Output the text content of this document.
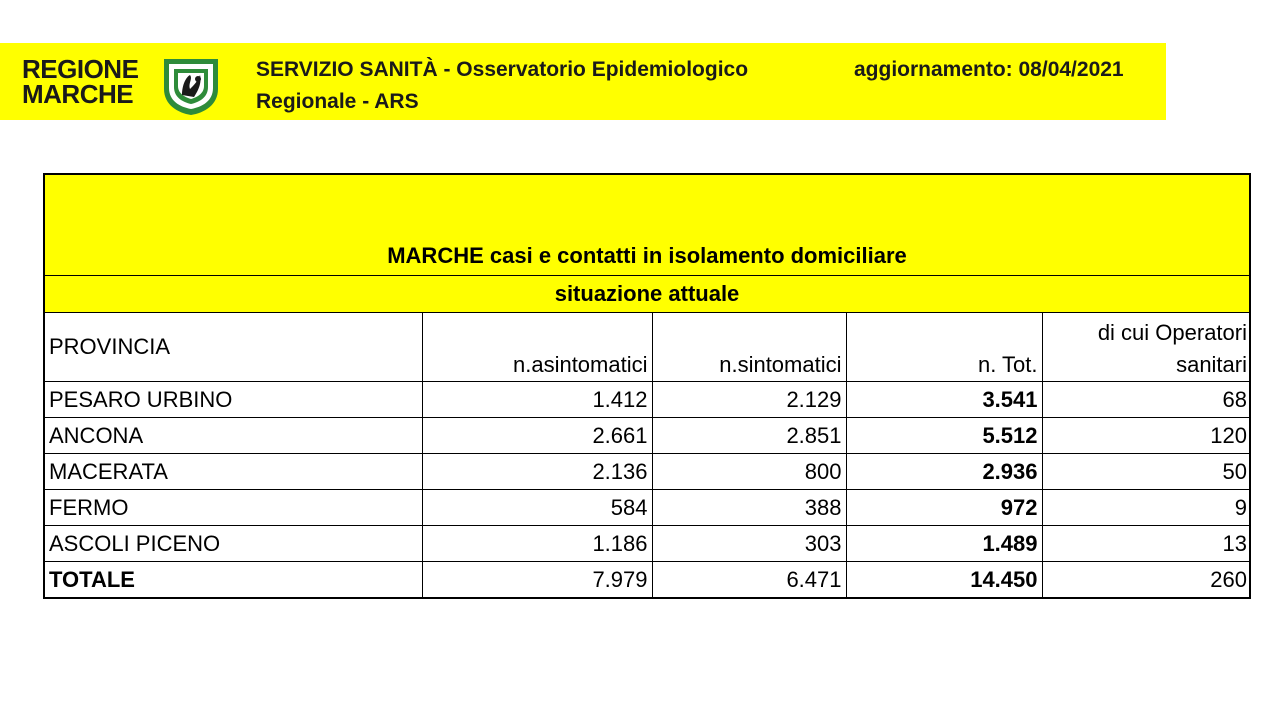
REGIONE
MARCHE
SERVIZIO SANITÀ - Osservatorio Epidemiologico
Regionale - ARS
aggiornamento: 08/04/2021
MARCHE casi e contatti in isolamento domiciliare
situazione attuale
PROVINCIA	n.asintomatici	n.sintomatici	n. Tot.	di cui Operatori
sanitari

PESARO URBINO	1.412	2.129	3.541	68
ANCONA	2.661	2.851	5.512	120
MACERATA	2.136	800	2.936	50
FERMO	584	388	972	9
ASCOLI PICENO	1.186	303	1.489	13
TOTALE	7.979	6.471	14.450	260
